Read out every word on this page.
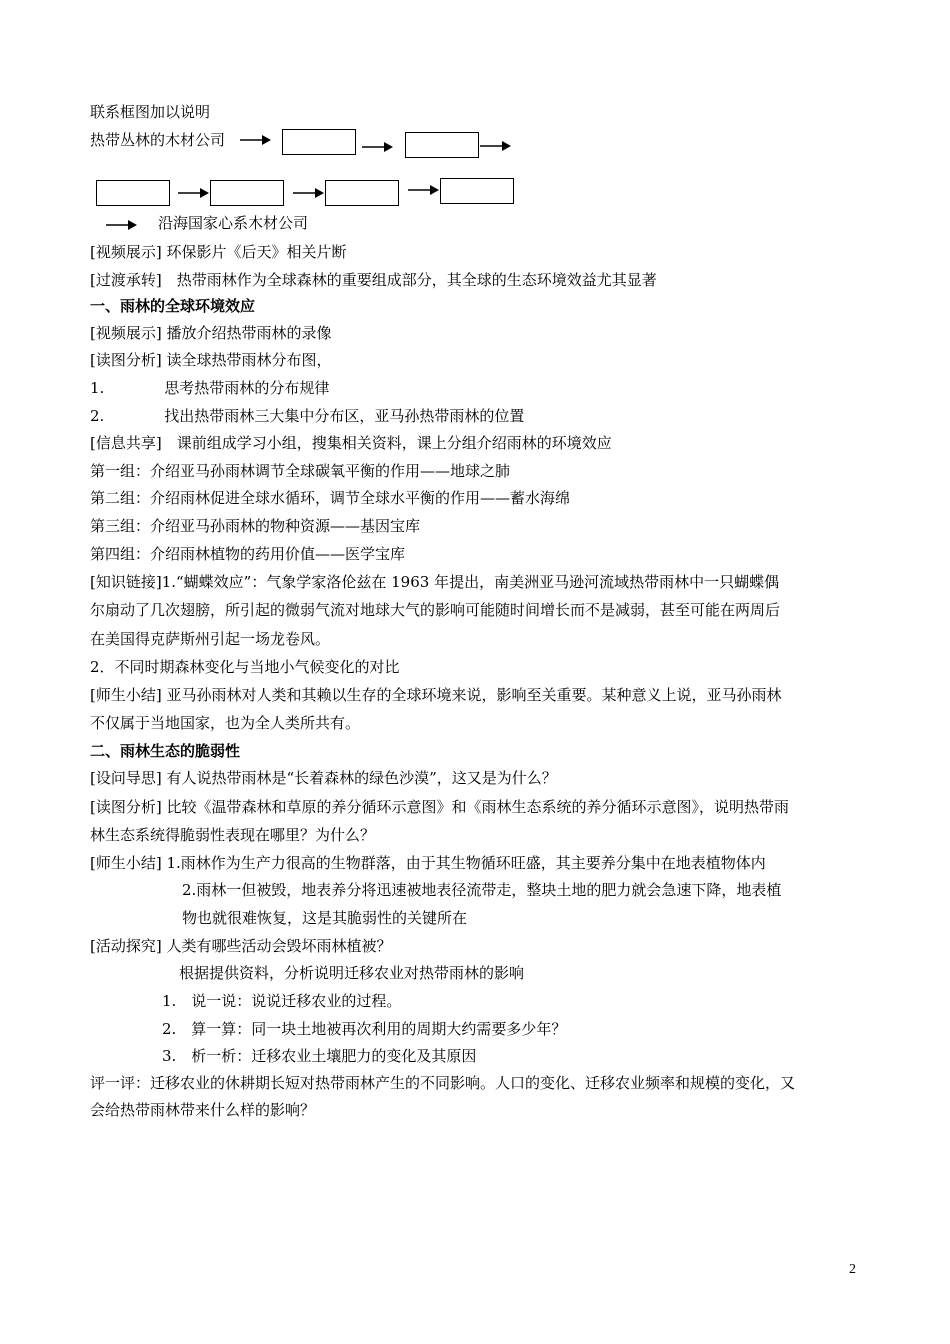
联系框图加以说明
热带丛林的木材公司
沿海国家心系木材公司
[视频展示] 环保影片《后天》相关片断
[过渡承转]　热带雨林作为全球森林的重要组成部分，其全球的生态环境效益尤其显著
一、雨林的全球环境效应
[视频展示] 播放介绍热带雨林的录像
[读图分析] 读全球热带雨林分布图，
1.　　　　思考热带雨林的分布规律
2.　　　　找出热带雨林三大集中分布区，亚马孙热带雨林的位置
[信息共享]　课前组成学习小组，搜集相关资料，课上分组介绍雨林的环境效应
第一组：介绍亚马孙雨林调节全球碳氧平衡的作用——地球之肺
第二组：介绍雨林促进全球水循环，调节全球水平衡的作用——蓄水海绵
第三组：介绍亚马孙雨林的物种资源——基因宝库
第四组：介绍雨林植物的药用价值——医学宝库
[知识链接]1.“蝴蝶效应”：气象学家洛伦兹在 1963 年提出，南美洲亚马逊河流域热带雨林中一只蝴蝶偶
尔扇动了几次翅膀，所引起的微弱气流对地球大气的影响可能随时间增长而不是减弱，甚至可能在两周后
在美国得克萨斯州引起一场龙卷风。
2．不同时期森林变化与当地小气候变化的对比
[师生小结] 亚马孙雨林对人类和其赖以生存的全球环境来说，影响至关重要。某种意义上说，亚马孙雨林
不仅属于当地国家，也为全人类所共有。
二、雨林生态的脆弱性
[设问导思] 有人说热带雨林是“长着森林的绿色沙漠”，这又是为什么？
[读图分析] 比较《温带森林和草原的养分循环示意图》和《雨林生态系统的养分循环示意图》，说明热带雨
林生态系统得脆弱性表现在哪里？为什么？
[师生小结] 1.雨林作为生产力很高的生物群落，由于其生物循环旺盛，其主要养分集中在地表植物体内
2.雨林一但被毁，地表养分将迅速被地表径流带走，整块土地的肥力就会急速下降，地表植
物也就很难恢复，这是其脆弱性的关键所在
[活动探究] 人类有哪些活动会毁坏雨林植被？
根据提供资料，分析说明迁移农业对热带雨林的影响
1.　说一说：说说迁移农业的过程。
2.　算一算：同一块土地被再次利用的周期大约需要多少年？
3.　析一析：迁移农业土壤肥力的变化及其原因
评一评：迁移农业的休耕期长短对热带雨林产生的不同影响。人口的变化、迁移农业频率和规模的变化，又
会给热带雨林带来什么样的影响？
2
